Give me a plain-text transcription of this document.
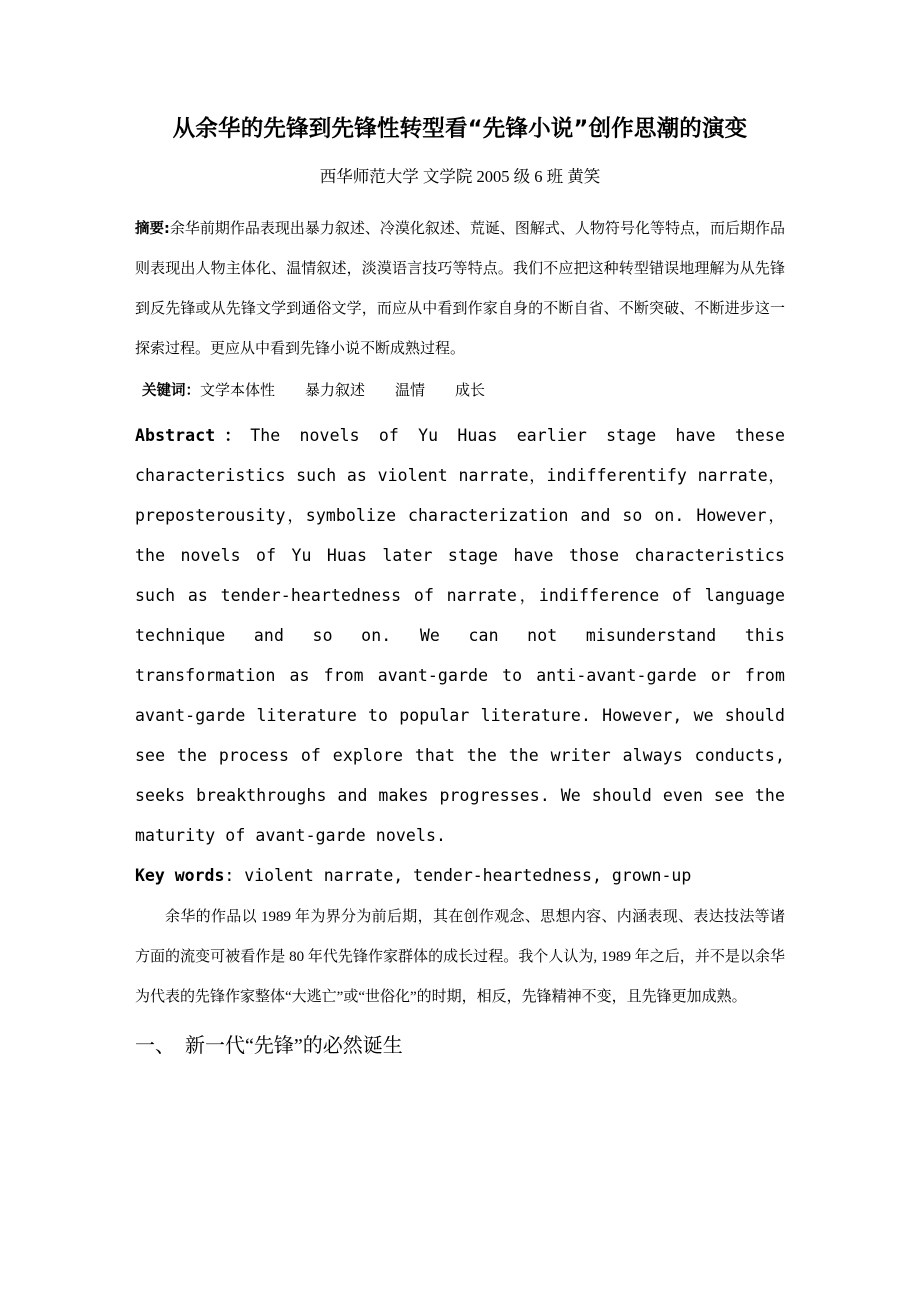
从余华的先锋到先锋性转型看“先锋小说”创作思潮的演变

西华师范大学 文学院 2005 级 6 班 黄笑

摘要:余华前期作品表现出暴力叙述、冷漠化叙述、荒诞、图解式、人物符号化等特点，而后期作品则表现出人物主体化、温情叙述，淡漠语言技巧等特点。我们不应把这种转型错误地理解为从先锋到反先锋或从先锋文学到通俗文学，而应从中看到作家自身的不断自省、不断突破、不断进步这一探索过程。更应从中看到先锋小说不断成熟过程。

关键词：文学本体性　　暴力叙述　　温情　　成长

Abstract：The novels of Yu Huas earlier stage have these characteristics such as violent narrate，indifferentify narrate，preposterousity，symbolize characterization and so on. However，the novels of Yu Huas later stage have those characteristics such as tender-heartedness of narrate，indifference of language technique and so on. We can not misunderstand this transformation as from avant-garde to anti-avant-garde or from avant-garde literature to popular literature. However, we should see the process of explore that the the writer always conducts, seeks breakthroughs and makes progresses. We should even see the maturity of avant-garde novels.

Key words: violent narrate, tender-heartedness, grown-up

余华的作品以 1989 年为界分为前后期，其在创作观念、思想内容、内涵表现、表达技法等诸方面的流变可被看作是 80 年代先锋作家群体的成长过程。我个人认为, 1989 年之后，并不是以余华为代表的先锋作家整体“大逃亡”或“世俗化”的时期，相反，先锋精神不变，且先锋更加成熟。

一、　新一代“先锋”的必然诞生
